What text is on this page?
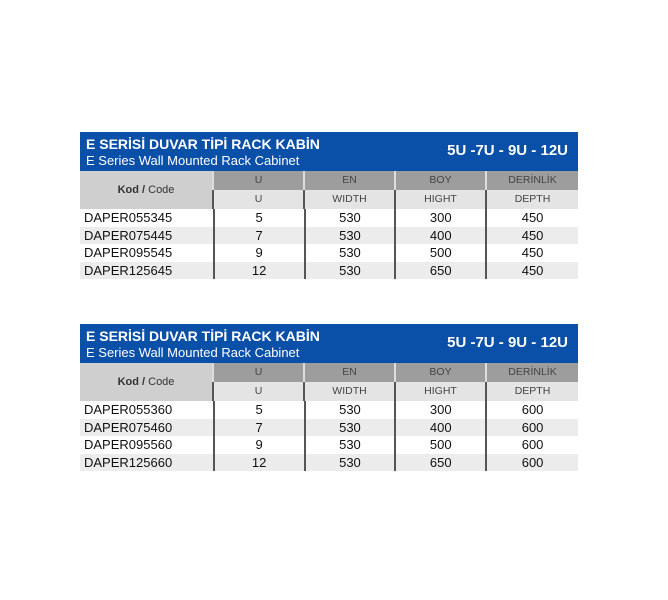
E SERİSİ DUVAR TİPİ RACK KABİN
E Series Wall Mounted Rack Cabinet
5U -7U - 9U - 12U
Kod / Code
U	EN	BOY	DERİNLİK
U	WIDTH	HIGHT	DEPTH
DAPER055345	5	530	300	450
DAPER075445	7	530	400	450
DAPER095545	9	530	500	450
DAPER125645	12	530	650	450
E SERİSİ DUVAR TİPİ RACK KABİN
E Series Wall Mounted Rack Cabinet
5U -7U - 9U - 12U
Kod / Code
U	EN	BOY	DERİNLİK
U	WIDTH	HIGHT	DEPTH
DAPER055360	5	530	300	600
DAPER075460	7	530	400	600
DAPER095560	9	530	500	600
DAPER125660	12	530	650	600
